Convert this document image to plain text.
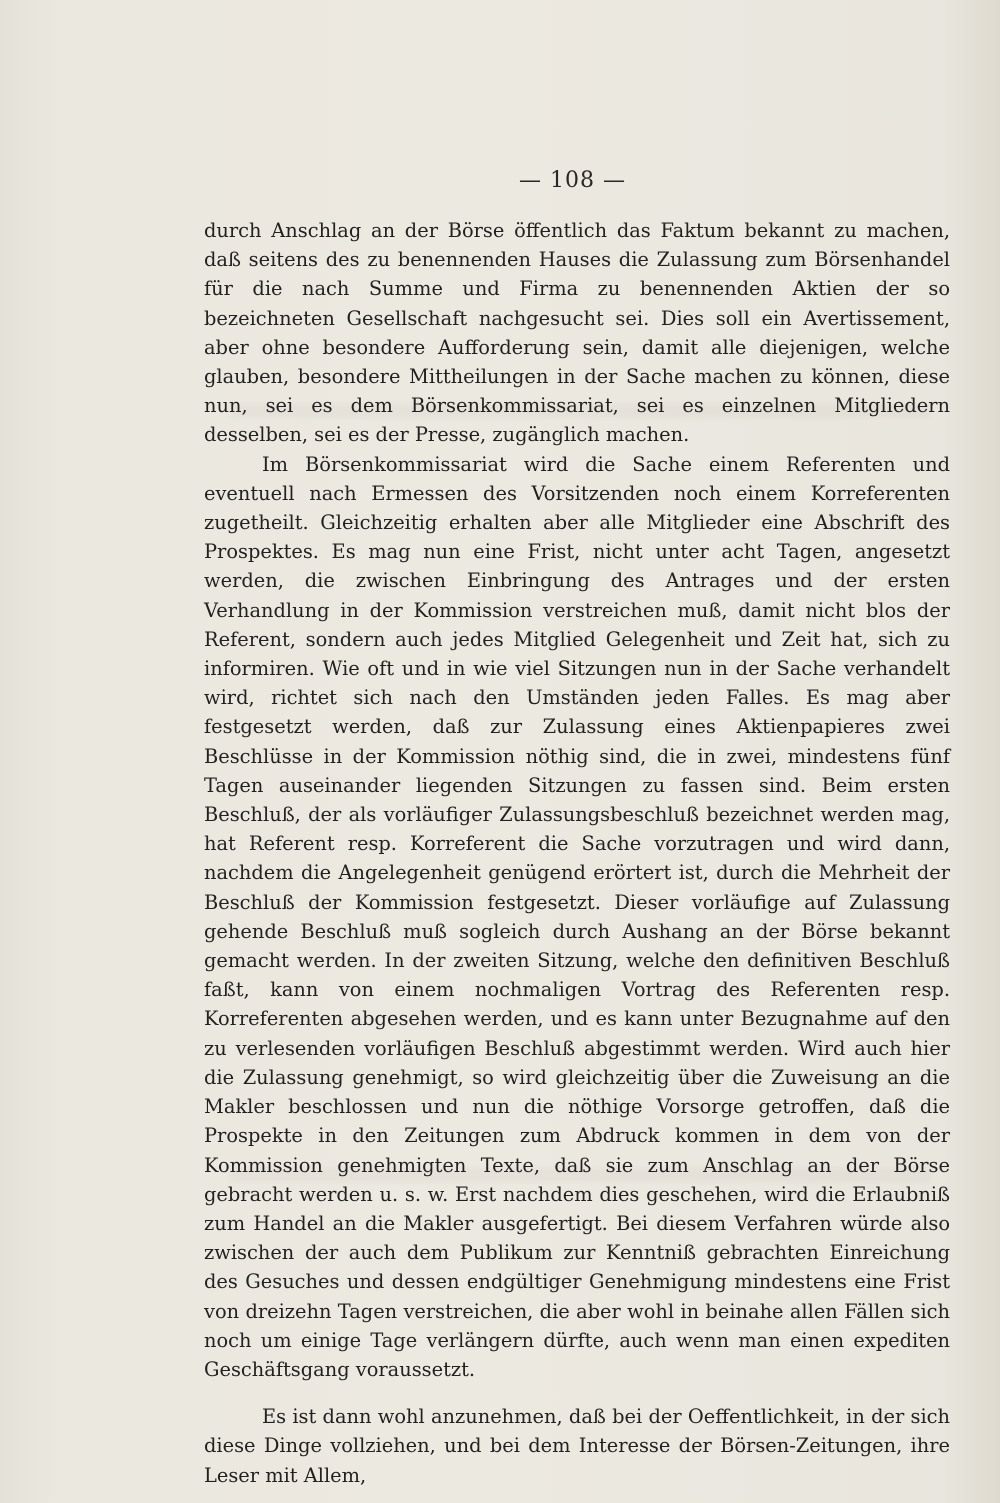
— 108 —

durch Anschlag an der Börse öffentlich das Faktum bekannt zu machen, daß seitens des zu benennenden Hauses die Zulassung zum Börsenhandel für die nach Summe und Firma zu benennenden Aktien der so bezeichneten Gesellschaft nachgesucht sei. Dies soll ein Avertissement, aber ohne besondere Aufforderung sein, damit alle diejenigen, welche glauben, besondere Mittheilungen in der Sache machen zu können, diese nun, sei es dem Börsenkommissariat, sei es einzelnen Mitgliedern desselben, sei es der Presse, zugänglich machen.

Im Börsenkommissariat wird die Sache einem Referenten und eventuell nach Ermessen des Vorsitzenden noch einem Korreferenten zugetheilt. Gleichzeitig erhalten aber alle Mitglieder eine Abschrift des Prospektes. Es mag nun eine Frist, nicht unter acht Tagen, angesetzt werden, die zwischen Einbringung des Antrages und der ersten Verhandlung in der Kommission verstreichen muß, damit nicht blos der Referent, sondern auch jedes Mitglied Gelegenheit und Zeit hat, sich zu informiren. Wie oft und in wie viel Sitzungen nun in der Sache verhandelt wird, richtet sich nach den Umständen jeden Falles. Es mag aber festgesetzt werden, daß zur Zulassung eines Aktienpapieres zwei Beschlüsse in der Kommission nöthig sind, die in zwei, mindestens fünf Tagen auseinander liegenden Sitzungen zu fassen sind. Beim ersten Beschluß, der als vorläufiger Zulassungsbeschluß bezeichnet werden mag, hat Referent resp. Korreferent die Sache vorzutragen und wird dann, nachdem die Angelegenheit genügend erörtert ist, durch die Mehrheit der Beschluß der Kommission festgesetzt. Dieser vorläufige auf Zulassung gehende Beschluß muß sogleich durch Aushang an der Börse bekannt gemacht werden. In der zweiten Sitzung, welche den definitiven Beschluß faßt, kann von einem nochmaligen Vortrag des Referenten resp. Korreferenten abgesehen werden, und es kann unter Bezugnahme auf den zu verlesenden vorläufigen Beschluß abgestimmt werden. Wird auch hier die Zulassung genehmigt, so wird gleichzeitig über die Zuweisung an die Makler beschlossen und nun die nöthige Vorsorge getroffen, daß die Prospekte in den Zeitungen zum Abdruck kommen in dem von der Kommission genehmigten Texte, daß sie zum Anschlag an der Börse gebracht werden u. s. w. Erst nachdem dies geschehen, wird die Erlaubniß zum Handel an die Makler ausgefertigt. Bei diesem Verfahren würde also zwischen der auch dem Publikum zur Kenntniß gebrachten Einreichung des Gesuches und dessen endgültiger Genehmigung mindestens eine Frist von dreizehn Tagen verstreichen, die aber wohl in beinahe allen Fällen sich noch um einige Tage verlängern dürfte, auch wenn man einen expediten Geschäftsgang voraussetzt.

Es ist dann wohl anzunehmen, daß bei der Oeffentlichkeit, in der sich diese Dinge vollziehen, und bei dem Interesse der Börsen-Zeitungen, ihre Leser mit Allem,
